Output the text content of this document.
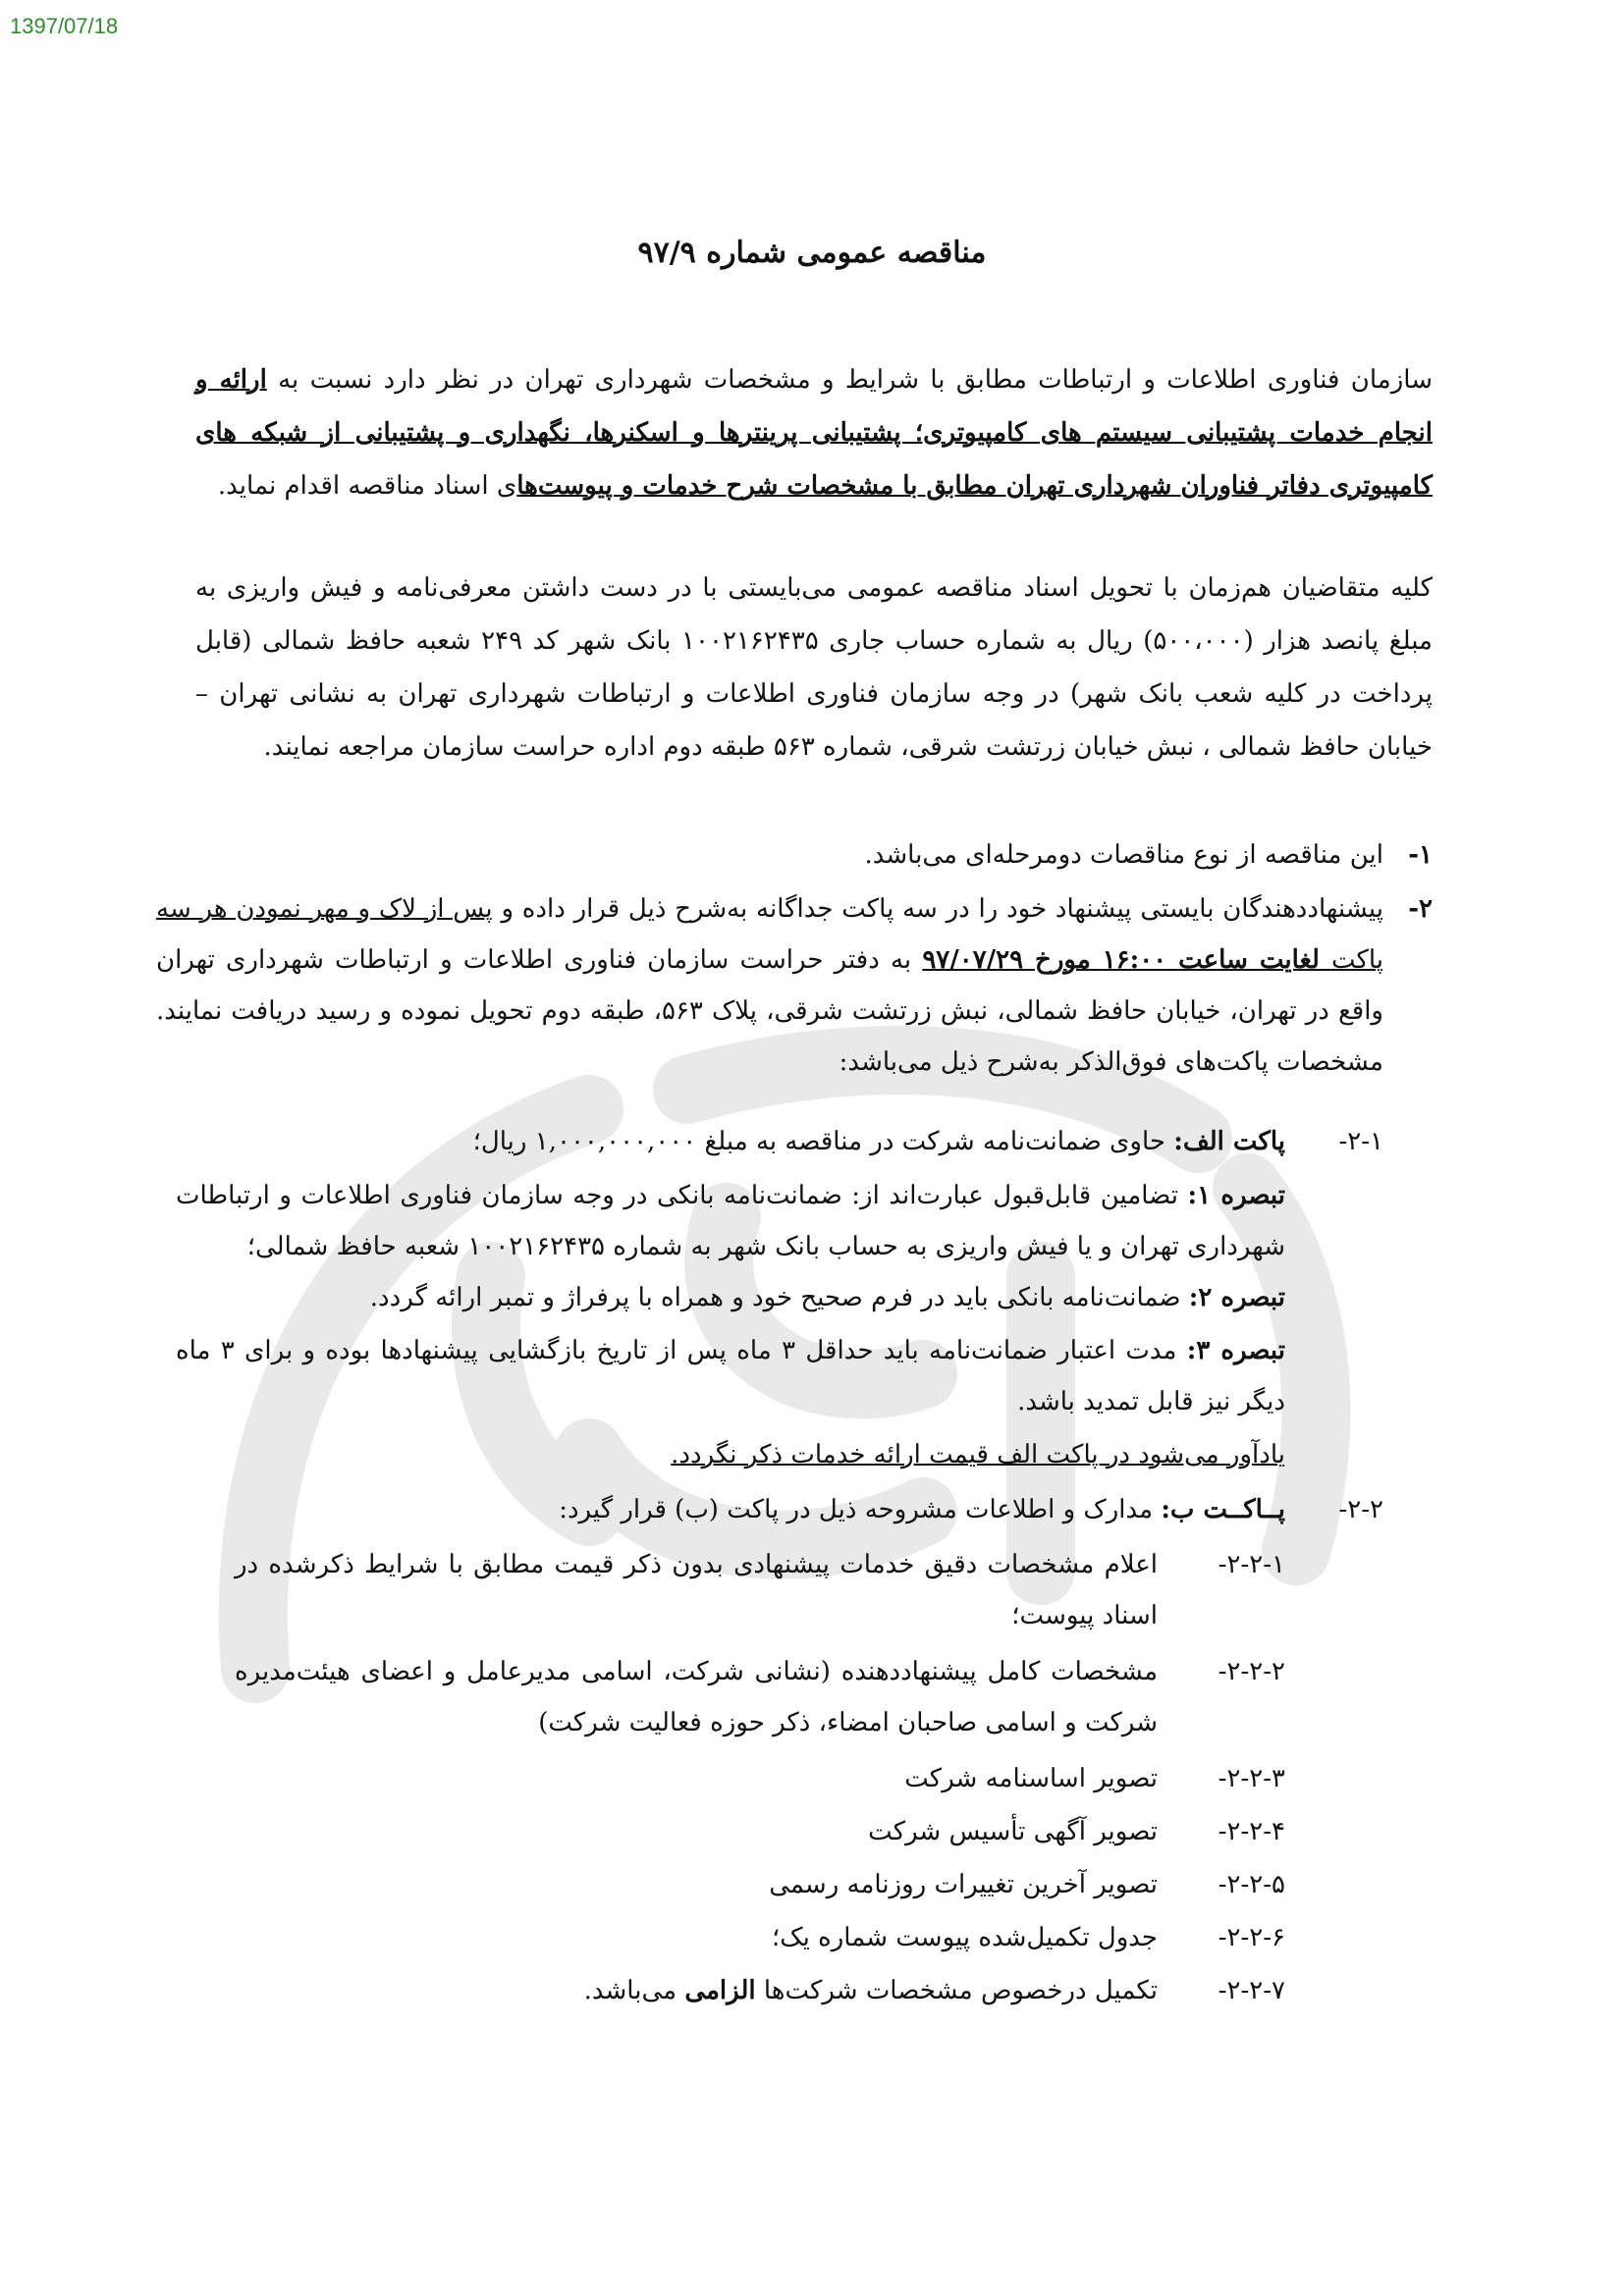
1397/07/18
مناقصه عمومی شماره ۹۷/۹
سازمان فناوری اطلاعات و ارتباطات مطابق با شرایط و مشخصات شهرداری تهران در نظر دارد نسبت به ارائه و انجام خدمات پشتیبانی سیستم های کامپیوتری؛ پشتیبانی پرینترها و اسکنرها، نگهداری و پشتیبانی از شبکه های کامپیوتری دفاتر فناوران شهرداری تهران مطابق با مشخصات شرح خدمات و پیوست‌های اسناد مناقصه اقدام نماید.
کلیه متقاضیان هم‌زمان با تحویل اسناد مناقصه عمومی می‌بایستی با در دست داشتن معرفی‌نامه و فیش واریزی به مبلغ پانصد هزار (۵۰۰،۰۰۰) ریال به شماره حساب جاری ۱۰۰۲۱۶۲۴۳۵ بانک شهر کد ۲۴۹ شعبه حافظ شمالی (قابل پرداخت در کلیه شعب بانک شهر) در وجه سازمان فناوری اطلاعات و ارتباطات شهرداری تهران به نشانی تهران – خیابان حافظ شمالی ، نبش خیابان زرتشت شرقی، شماره ۵۶۳ طبقه دوم اداره حراست سازمان مراجعه نمایند.
۱-
این مناقصه از نوع مناقصات دومرحله‌ای می‌باشد.
۲-
پیشنهاددهندگان بایستی پیشنهاد خود را در سه پاکت جداگانه به‌شرح ذیل قرار داده و پس از لاک و مهر نمودن هر سه پاکت لغایت ساعت ۱۶:۰۰ مورخ ۹۷/۰۷/۲۹ به دفتر حراست سازمان فناوری اطلاعات و ارتباطات شهرداری تهران واقع در تهران، خیابان حافظ شمالی، نبش زرتشت شرقی، پلاک ۵۶۳، طبقه دوم تحویل نموده و رسید دریافت نمایند. مشخصات پاکت‌های فوق‌الذکر به‌شرح ذیل می‌باشد:
۲-۱-
پاکت الف: حاوی ضمانت‌نامه شرکت در مناقصه به مبلغ ۱,۰۰۰,۰۰۰,۰۰۰ ریال؛
تبصره ۱: تضامین قابل‌قبول عبارت‌اند از: ضمانت‌نامه بانکی در وجه سازمان فناوری اطلاعات و ارتباطات شهرداری تهران و یا فیش واریزی به حساب بانک شهر به شماره ۱۰۰۲۱۶۲۴۳۵ شعبه حافظ شمالی؛
تبصره ۲: ضمانت‌نامه بانکی باید در فرم صحیح خود و همراه با پرفراژ و تمبر ارائه گردد.
تبصره ۳: مدت اعتبار ضمانت‌نامه باید حداقل ۳ ماه پس از تاریخ بازگشایی پیشنهادها بوده و برای ۳ ماه دیگر نیز قابل تمدید باشد.
یادآور می‌شود در پاکت الف قیمت ارائه خدمات ذکر نگردد.
۲-۲-
پــاکــت ب: مدارک و اطلاعات مشروحه ذیل در پاکت (ب) قرار گیرد:
۲-۲-۱-
اعلام مشخصات دقیق خدمات پیشنهادی بدون ذکر قیمت مطابق با شرایط ذکرشده در اسناد پیوست؛
۲-۲-۲-
مشخصات کامل پیشنهاددهنده (نشانی شرکت، اسامی مدیرعامل و اعضای هیئت‌مدیره شرکت و اسامی صاحبان امضاء، ذکر حوزه فعالیت شرکت)
۲-۲-۳-
تصویر اساسنامه شرکت
۲-۲-۴-
تصویر آگهی تأسیس شرکت
۲-۲-۵-
تصویر آخرین تغییرات روزنامه رسمی
۲-۲-۶-
جدول تکمیل‌شده پیوست شماره یک؛
۲-۲-۷-
تکمیل درخصوص مشخصات شرکت‌ها الزامی می‌باشد.
